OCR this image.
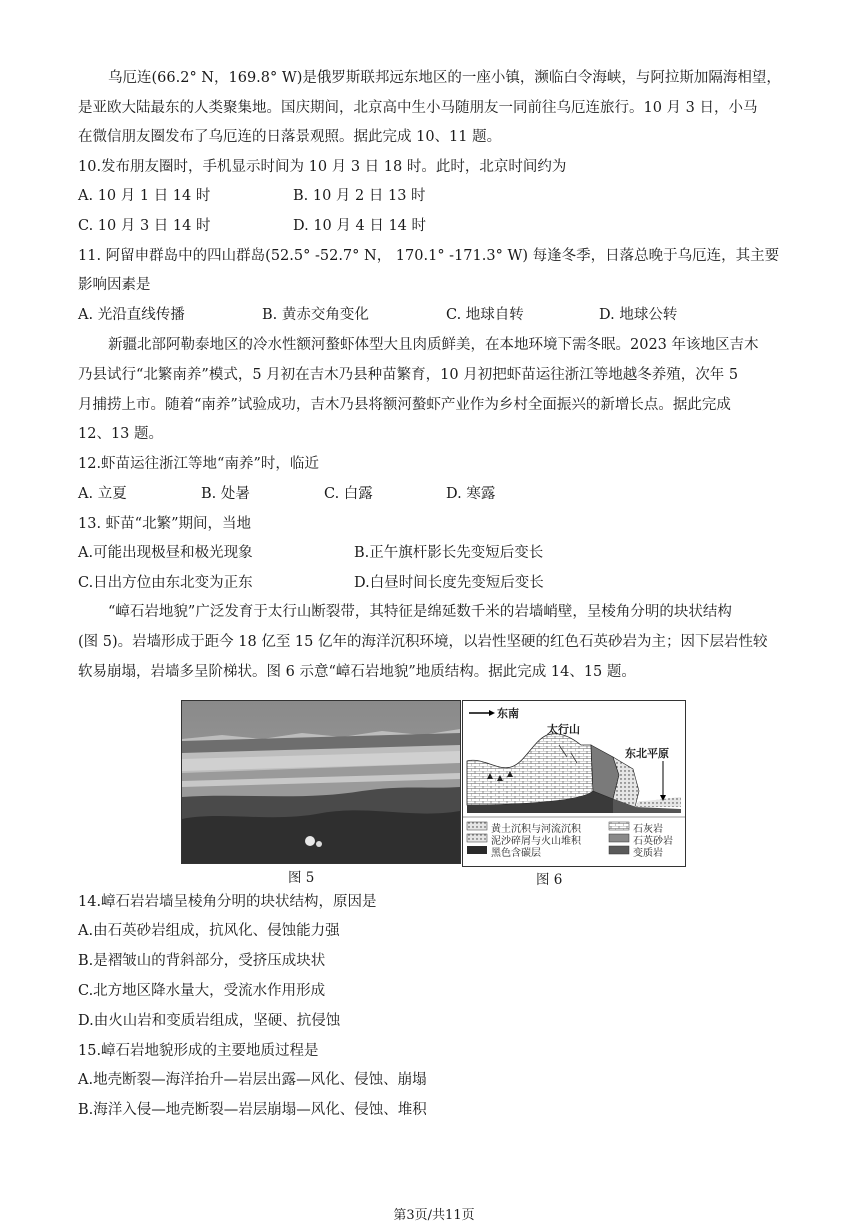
乌厄连(66.2° N，169.8° W)是俄罗斯联邦远东地区的一座小镇，濒临白令海峡，与阿拉斯加隔海相望，
是亚欧大陆最东的人类聚集地。国庆期间，北京高中生小马随朋友一同前往乌厄连旅行。10 月 3 日，小马
在微信朋友圈发布了乌厄连的日落景观照。据此完成 10、11 题。
10.发布朋友圈时，手机显示时间为 10 月 3 日 18 时。此时，北京时间约为
A. 10 月 1 日 14 时	B. 10 月 2 日 13 时
C. 10 月 3 日 14 时	D. 10 月 4 日 14 时
11. 阿留申群岛中的四山群岛(52.5° -52.7° N， 170.1° -171.3° W) 每逢冬季，日落总晚于乌厄连，其主要
影响因素是
A. 光沿直线传播	B. 黄赤交角变化	C. 地球自转	D. 地球公转
新疆北部阿勒泰地区的冷水性额河螯虾体型大且肉质鲜美，在本地环境下需冬眠。2023 年该地区吉木
乃县试行“北繁南养”模式，5 月初在吉木乃县种苗繁育，10 月初把虾苗运往浙江等地越冬养殖，次年 5
月捕捞上市。随着“南养”试验成功，吉木乃县将额河螯虾产业作为乡村全面振兴的新增长点。据此完成
12、13 题。
12.虾苗运往浙江等地“南养”时，临近
A. 立夏	B. 处暑	C. 白露	D. 寒露
13. 虾苗“北繁”期间，当地
A.可能出现极昼和极光现象	B.正午旗杆影长先变短后变长
C.日出方位由东北变为正东	D.白昼时间长度先变短后变长
“嶂石岩地貌”广泛发育于太行山断裂带，其特征是绵延数千米的岩墙峭壁，呈棱角分明的块状结构
(图 5)。岩墙形成于距今 18 亿至 15 亿年的海洋沉积环境，以岩性坚硬的红色石英砂岩为主；因下层岩性较
软易崩塌，岩墙多呈阶梯状。图 6 示意“嶂石岩地貌”地质结构。据此完成 14、15 题。
图 5
东南
太行山
东北平原
黄土沉积与河流沉积	石灰岩
泥沙碎屑与火山堆积	石英砂岩
黑色含碳层	变质岩
图 6
14.嶂石岩岩墙呈棱角分明的块状结构，原因是
A.由石英砂岩组成，抗风化、侵蚀能力强
B.是褶皱山的背斜部分，受挤压成块状
C.北方地区降水量大，受流水作用形成
D.由火山岩和变质岩组成，坚硬、抗侵蚀
15.嶂石岩地貌形成的主要地质过程是
A.地壳断裂—海洋抬升—岩层出露—风化、侵蚀、崩塌
B.海洋入侵—地壳断裂—岩层崩塌—风化、侵蚀、堆积
第3页/共11页
